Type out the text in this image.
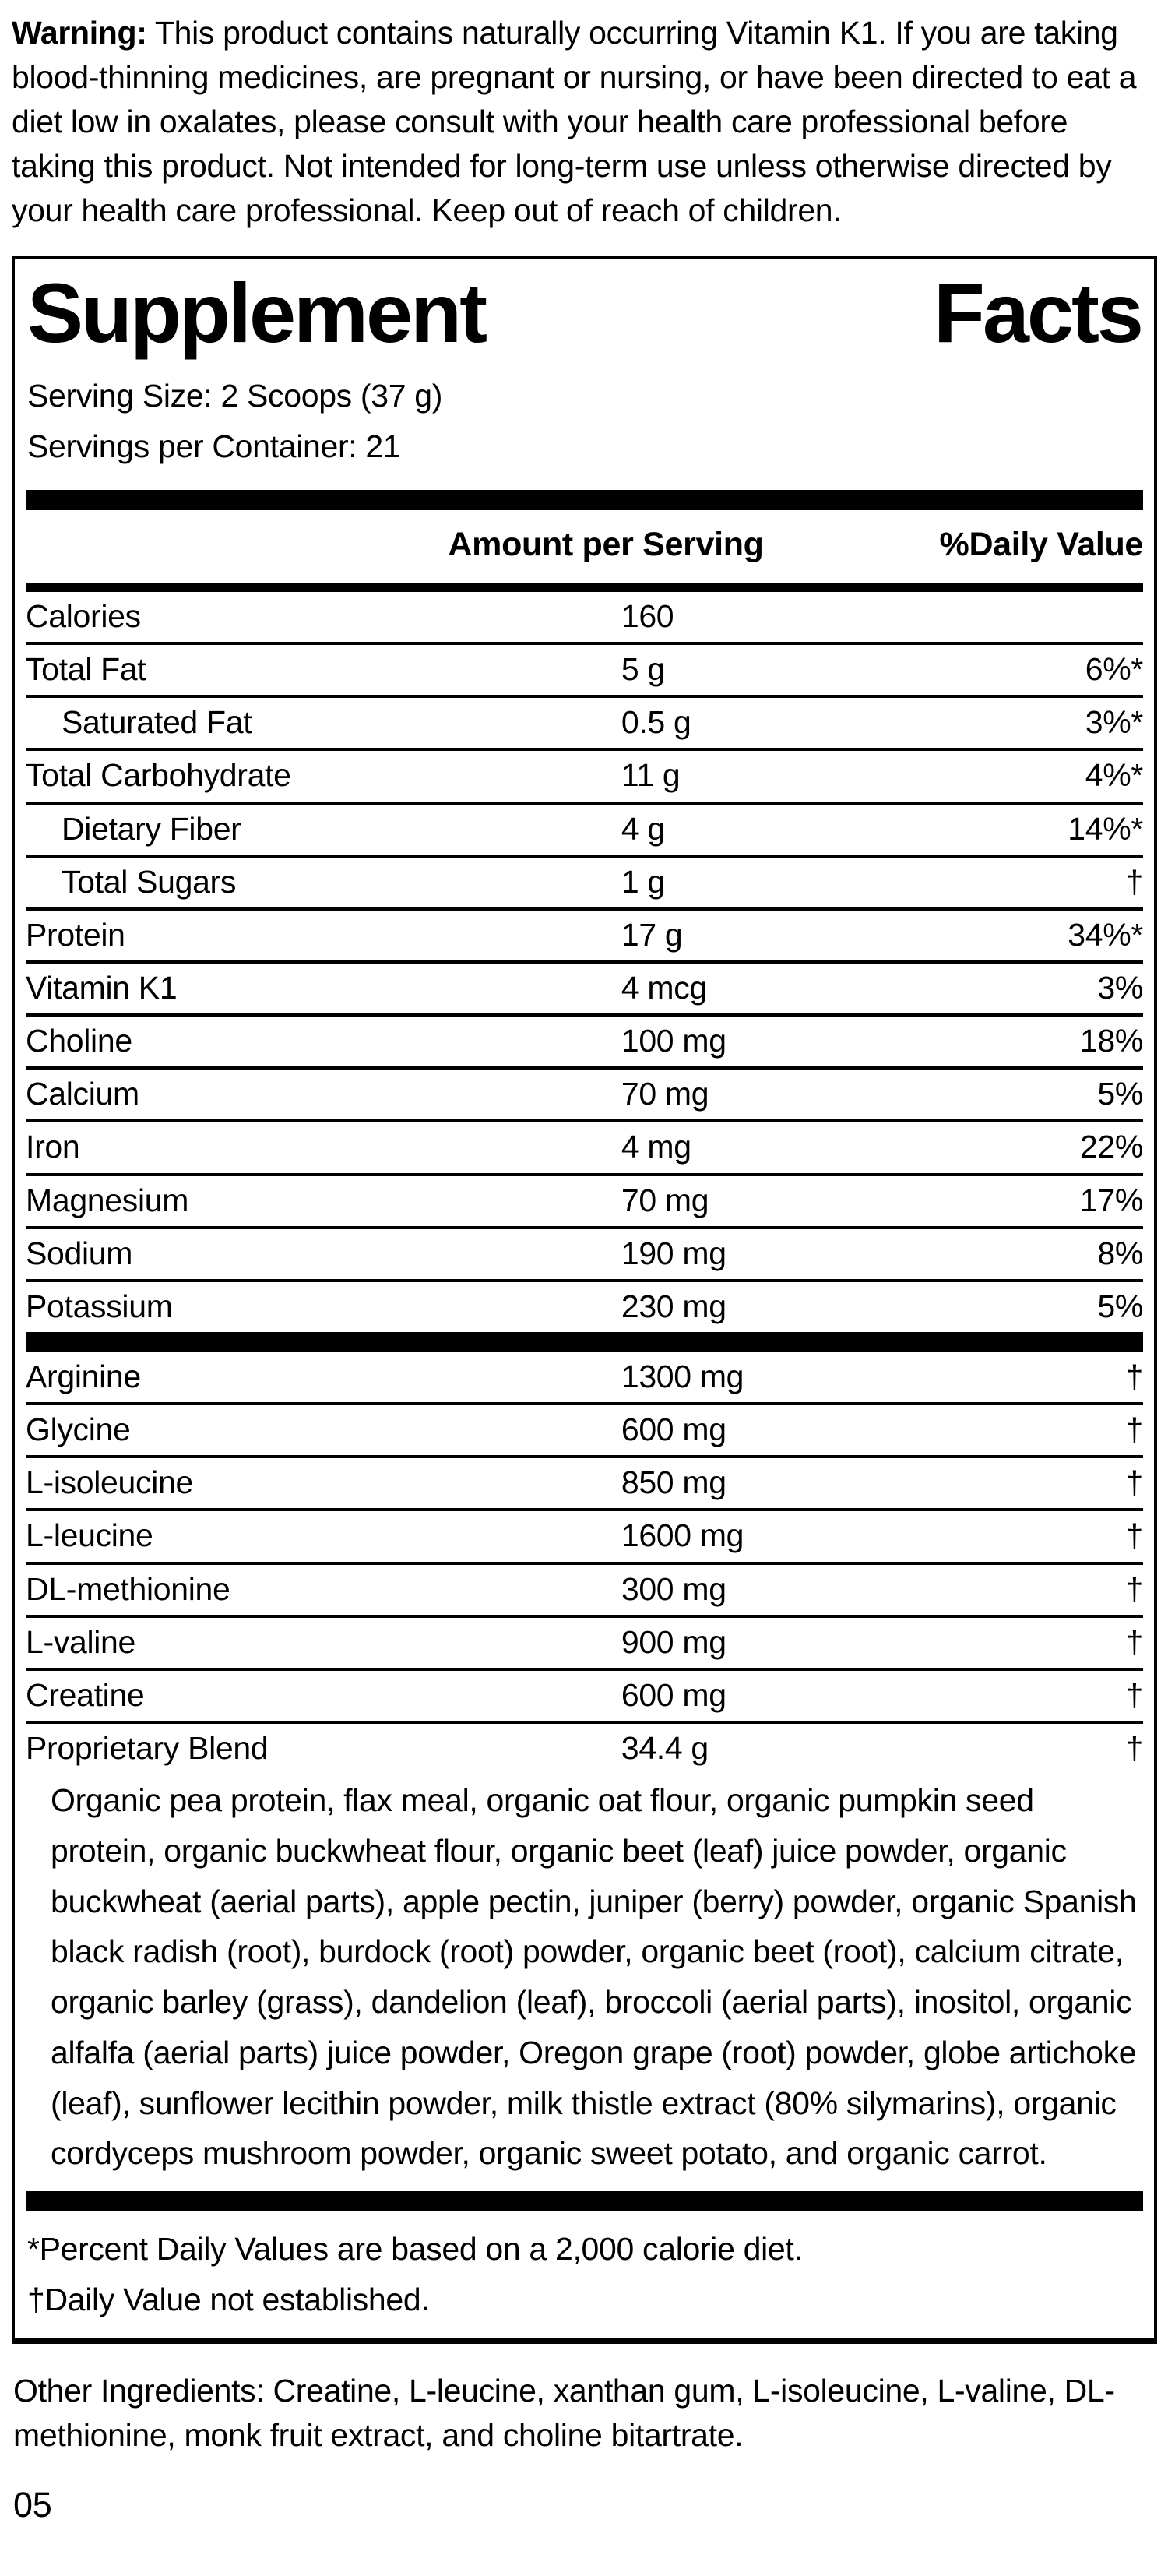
Warning: This product contains naturally occurring Vitamin K1. If you are taking blood-thinning medicines, are pregnant or nursing, or have been directed to eat a diet low in oxalates, please consult with your health care professional before taking this product. Not intended for long-term use unless otherwise directed by your health care professional. Keep out of reach of children.

Supplement	Facts
Serving Size: 2 Scoops (37 g)
Servings per Container: 21
Amount per Serving	%Daily Value
Calories	160
Total Fat	5 g	6%*
Saturated Fat	0.5 g	3%*
Total Carbohydrate	11 g	4%*
Dietary Fiber	4 g	14%*
Total Sugars	1 g	†
Protein	17 g	34%*
Vitamin K1	4 mcg	3%
Choline	100 mg	18%
Calcium	70 mg	5%
Iron	4 mg	22%
Magnesium	70 mg	17%
Sodium	190 mg	8%
Potassium	230 mg	5%
Arginine	1300 mg	†
Glycine	600 mg	†
L-isoleucine	850 mg	†
L-leucine	1600 mg	†
DL-methionine	300 mg	†
L-valine	900 mg	†
Creatine	600 mg	†
Proprietary Blend	34.4 g	†
Organic pea protein, flax meal, organic oat flour, organic pumpkin seed protein, organic buckwheat flour, organic beet (leaf) juice powder, organic buckwheat (aerial parts), apple pectin, juniper (berry) powder, organic Spanish black radish (root), burdock (root) powder, organic beet (root), calcium citrate, organic barley (grass), dandelion (leaf), broccoli (aerial parts), inositol, organic alfalfa (aerial parts) juice powder, Oregon grape (root) powder, globe artichoke (leaf), sunflower lecithin powder, milk thistle extract (80% silymarins), organic cordyceps mushroom powder, organic sweet potato, and organic carrot.
*Percent Daily Values are based on a 2,000 calorie diet.
†Daily Value not established.

Other Ingredients: Creatine, L-leucine, xanthan gum, L-isoleucine, L-valine, DL-methionine, monk fruit extract, and choline bitartrate.

05
